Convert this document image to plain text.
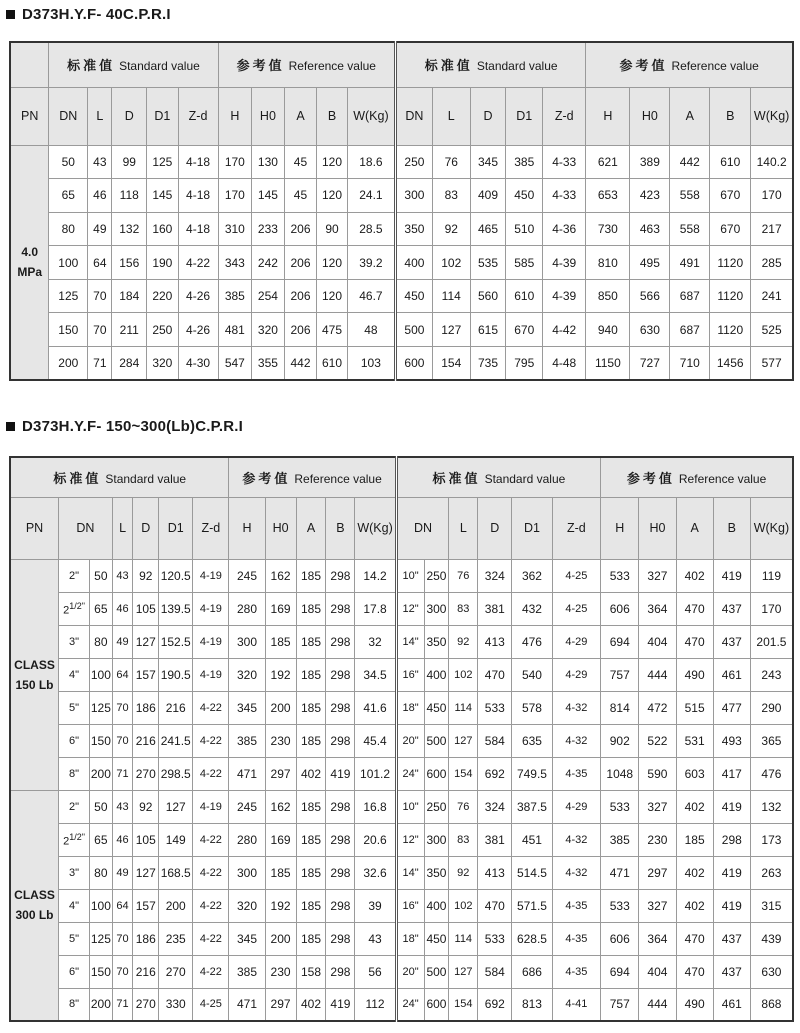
D373H.Y.F- 40C.P.R.I
	标准值 Standard value					参考值 Reference value					标准值 Standard value					参考值 Reference value				
PN	DN	L	D	D1	Z-d	H	H0	A	B	W(Kg)	DN	L	D	D1	Z-d	H	H0	A	B	W(Kg)
4.0 MPa	50	43	99	125	4-18	170	130	45	120	18.6	250	76	345	385	4-33	621	389	442	610	140.2
	65	46	118	145	4-18	170	145	45	120	24.1	300	83	409	450	4-33	653	423	558	670	170
	80	49	132	160	4-18	310	233	206	90	28.5	350	92	465	510	4-36	730	463	558	670	217
	100	64	156	190	4-22	343	242	206	120	39.2	400	102	535	585	4-39	810	495	491	1120	285
	125	70	184	220	4-26	385	254	206	120	46.7	450	114	560	610	4-39	850	566	687	1120	241
	150	70	211	250	4-26	481	320	206	475	48	500	127	615	670	4-42	940	630	687	1120	525
	200	71	284	320	4-30	547	355	442	610	103	600	154	735	795	4-48	1150	727	710	1456	577
D373H.Y.F- 150~300(Lb)C.P.R.I
标准值 Standard value							参考值 Reference value					标准值 Standard value						参考值 Reference value				
PN	DN		L	D	D1	Z-d	H	H0	A	B	W(Kg)	DN		L	D	D1	Z-d	H	H0	A	B	W(Kg)
CLASS 150 Lb	2"	50	43	92	120.5	4-19	245	162	185	298	14.2	10"	250	76	324	362	4-25	533	327	402	419	119
	$2^{1/2"}$	65	46	105	139.5	4-19	280	169	185	298	17.8	12"	300	83	381	432	4-25	606	364	470	437	170
	3"	80	49	127	152.5	4-19	300	185	185	298	32	14"	350	92	413	476	4-29	694	404	470	437	201.5
	4"	100	64	157	190.5	4-19	320	192	185	298	34.5	16"	400	102	470	540	4-29	757	444	490	461	243
	5"	125	70	186	216	4-22	345	200	185	298	41.6	18"	450	114	533	578	4-32	814	472	515	477	290
	6"	150	70	216	241.5	4-22	385	230	185	298	45.4	20"	500	127	584	635	4-32	902	522	531	493	365
	8"	200	71	270	298.5	4-22	471	297	402	419	101.2	24"	600	154	692	749.5	4-35	1048	590	603	417	476
CLASS 300 Lb	2"	50	43	92	127	4-19	245	162	185	298	16.8	10"	250	76	324	387.5	4-29	533	327	402	419	132
	$2^{1/2"}$	65	46	105	149	4-22	280	169	185	298	20.6	12"	300	83	381	451	4-32	385	230	185	298	173
	3"	80	49	127	168.5	4-22	300	185	185	298	32.6	14"	350	92	413	514.5	4-32	471	297	402	419	263
	4"	100	64	157	200	4-22	320	192	185	298	39	16"	400	102	470	571.5	4-35	533	327	402	419	315
	5"	125	70	186	235	4-22	345	200	185	298	43	18"	450	114	533	628.5	4-35	606	364	470	437	439
	6"	150	70	216	270	4-22	385	230	158	298	56	20"	500	127	584	686	4-35	694	404	470	437	630
	8"	200	71	270	330	4-25	471	297	402	419	112	24"	600	154	692	813	4-41	757	444	490	461	868
